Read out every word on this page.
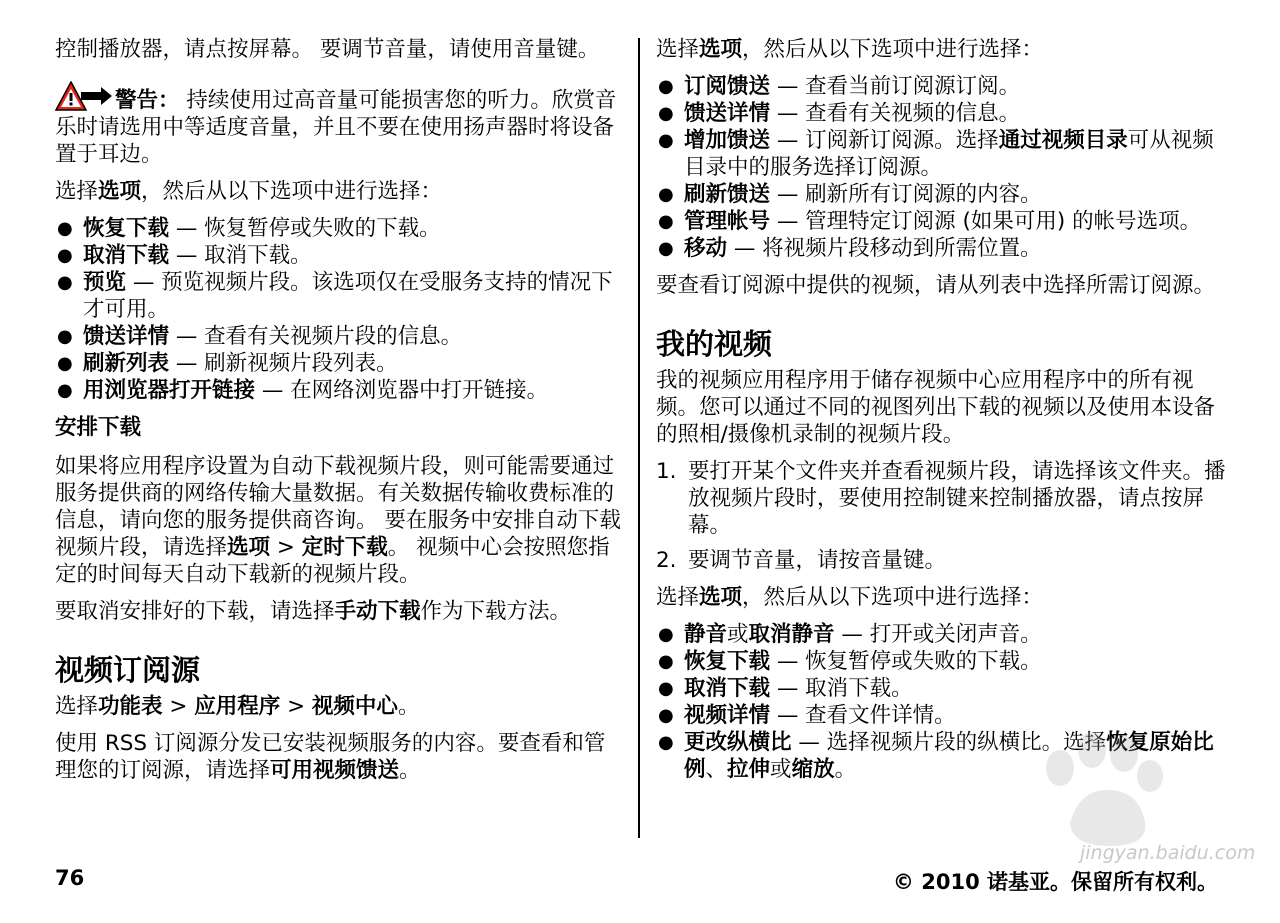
控制播放器，请点按屏幕。 要调节音量，请使用音量键。

警告： 持续使用过高音量可能损害您的听力。欣赏音乐时请选用中等适度音量，并且不要在使用扬声器时将设备置于耳边。

选择选项，然后从以下选项中进行选择：

● 恢复下载 — 恢复暂停或失败的下载。
● 取消下载 — 取消下载。
● 预览 — 预览视频片段。该选项仅在受服务支持的情况下才可用。
● 馈送详情 — 查看有关视频片段的信息。
● 刷新列表 — 刷新视频片段列表。
● 用浏览器打开链接 — 在网络浏览器中打开链接。
安排下载

如果将应用程序设置为自动下载视频片段，则可能需要通过服务提供商的网络传输大量数据。有关数据传输收费标准的信息，请向您的服务提供商咨询。 要在服务中安排自动下载视频片段，请选择选项 > 定时下载。 视频中心会按照您指定的时间每天自动下载新的视频片段。

要取消安排好的下载，请选择手动下载作为下载方法。

视频订阅源

选择功能表 > 应用程序 > 视频中心。

使用 RSS 订阅源分发已安装视频服务的内容。要查看和管理您的订阅源，请选择可用视频馈送。

选择选项，然后从以下选项中进行选择：

● 订阅馈送 — 查看当前订阅源订阅。
● 馈送详情 — 查看有关视频的信息。
● 增加馈送 — 订阅新订阅源。选择通过视频目录可从视频目录中的服务选择订阅源。
● 刷新馈送 — 刷新所有订阅源的内容。
● 管理帐号 — 管理特定订阅源 (如果可用) 的帐号选项。
● 移动 — 将视频片段移动到所需位置。

要查看订阅源中提供的视频，请从列表中选择所需订阅源。

我的视频

我的视频应用程序用于储存视频中心应用程序中的所有视频。您可以通过不同的视图列出下载的视频以及使用本设备的照相/摄像机录制的视频片段。

1. 要打开某个文件夹并查看视频片段，请选择该文件夹。播放视频片段时，要使用控制键来控制播放器，请点按屏幕。
2. 要调节音量，请按音量键。

选择选项，然后从以下选项中进行选择：

● 静音或取消静音 — 打开或关闭声音。
● 恢复下载 — 恢复暂停或失败的下载。
● 取消下载 — 取消下载。
● 视频详情 — 查看文件详情。
● 更改纵横比 — 选择视频片段的纵横比。选择恢复原始比例、拉伸或缩放。
jingyan.baidu.com
76	© 2010 诺基亚。保留所有权利。
